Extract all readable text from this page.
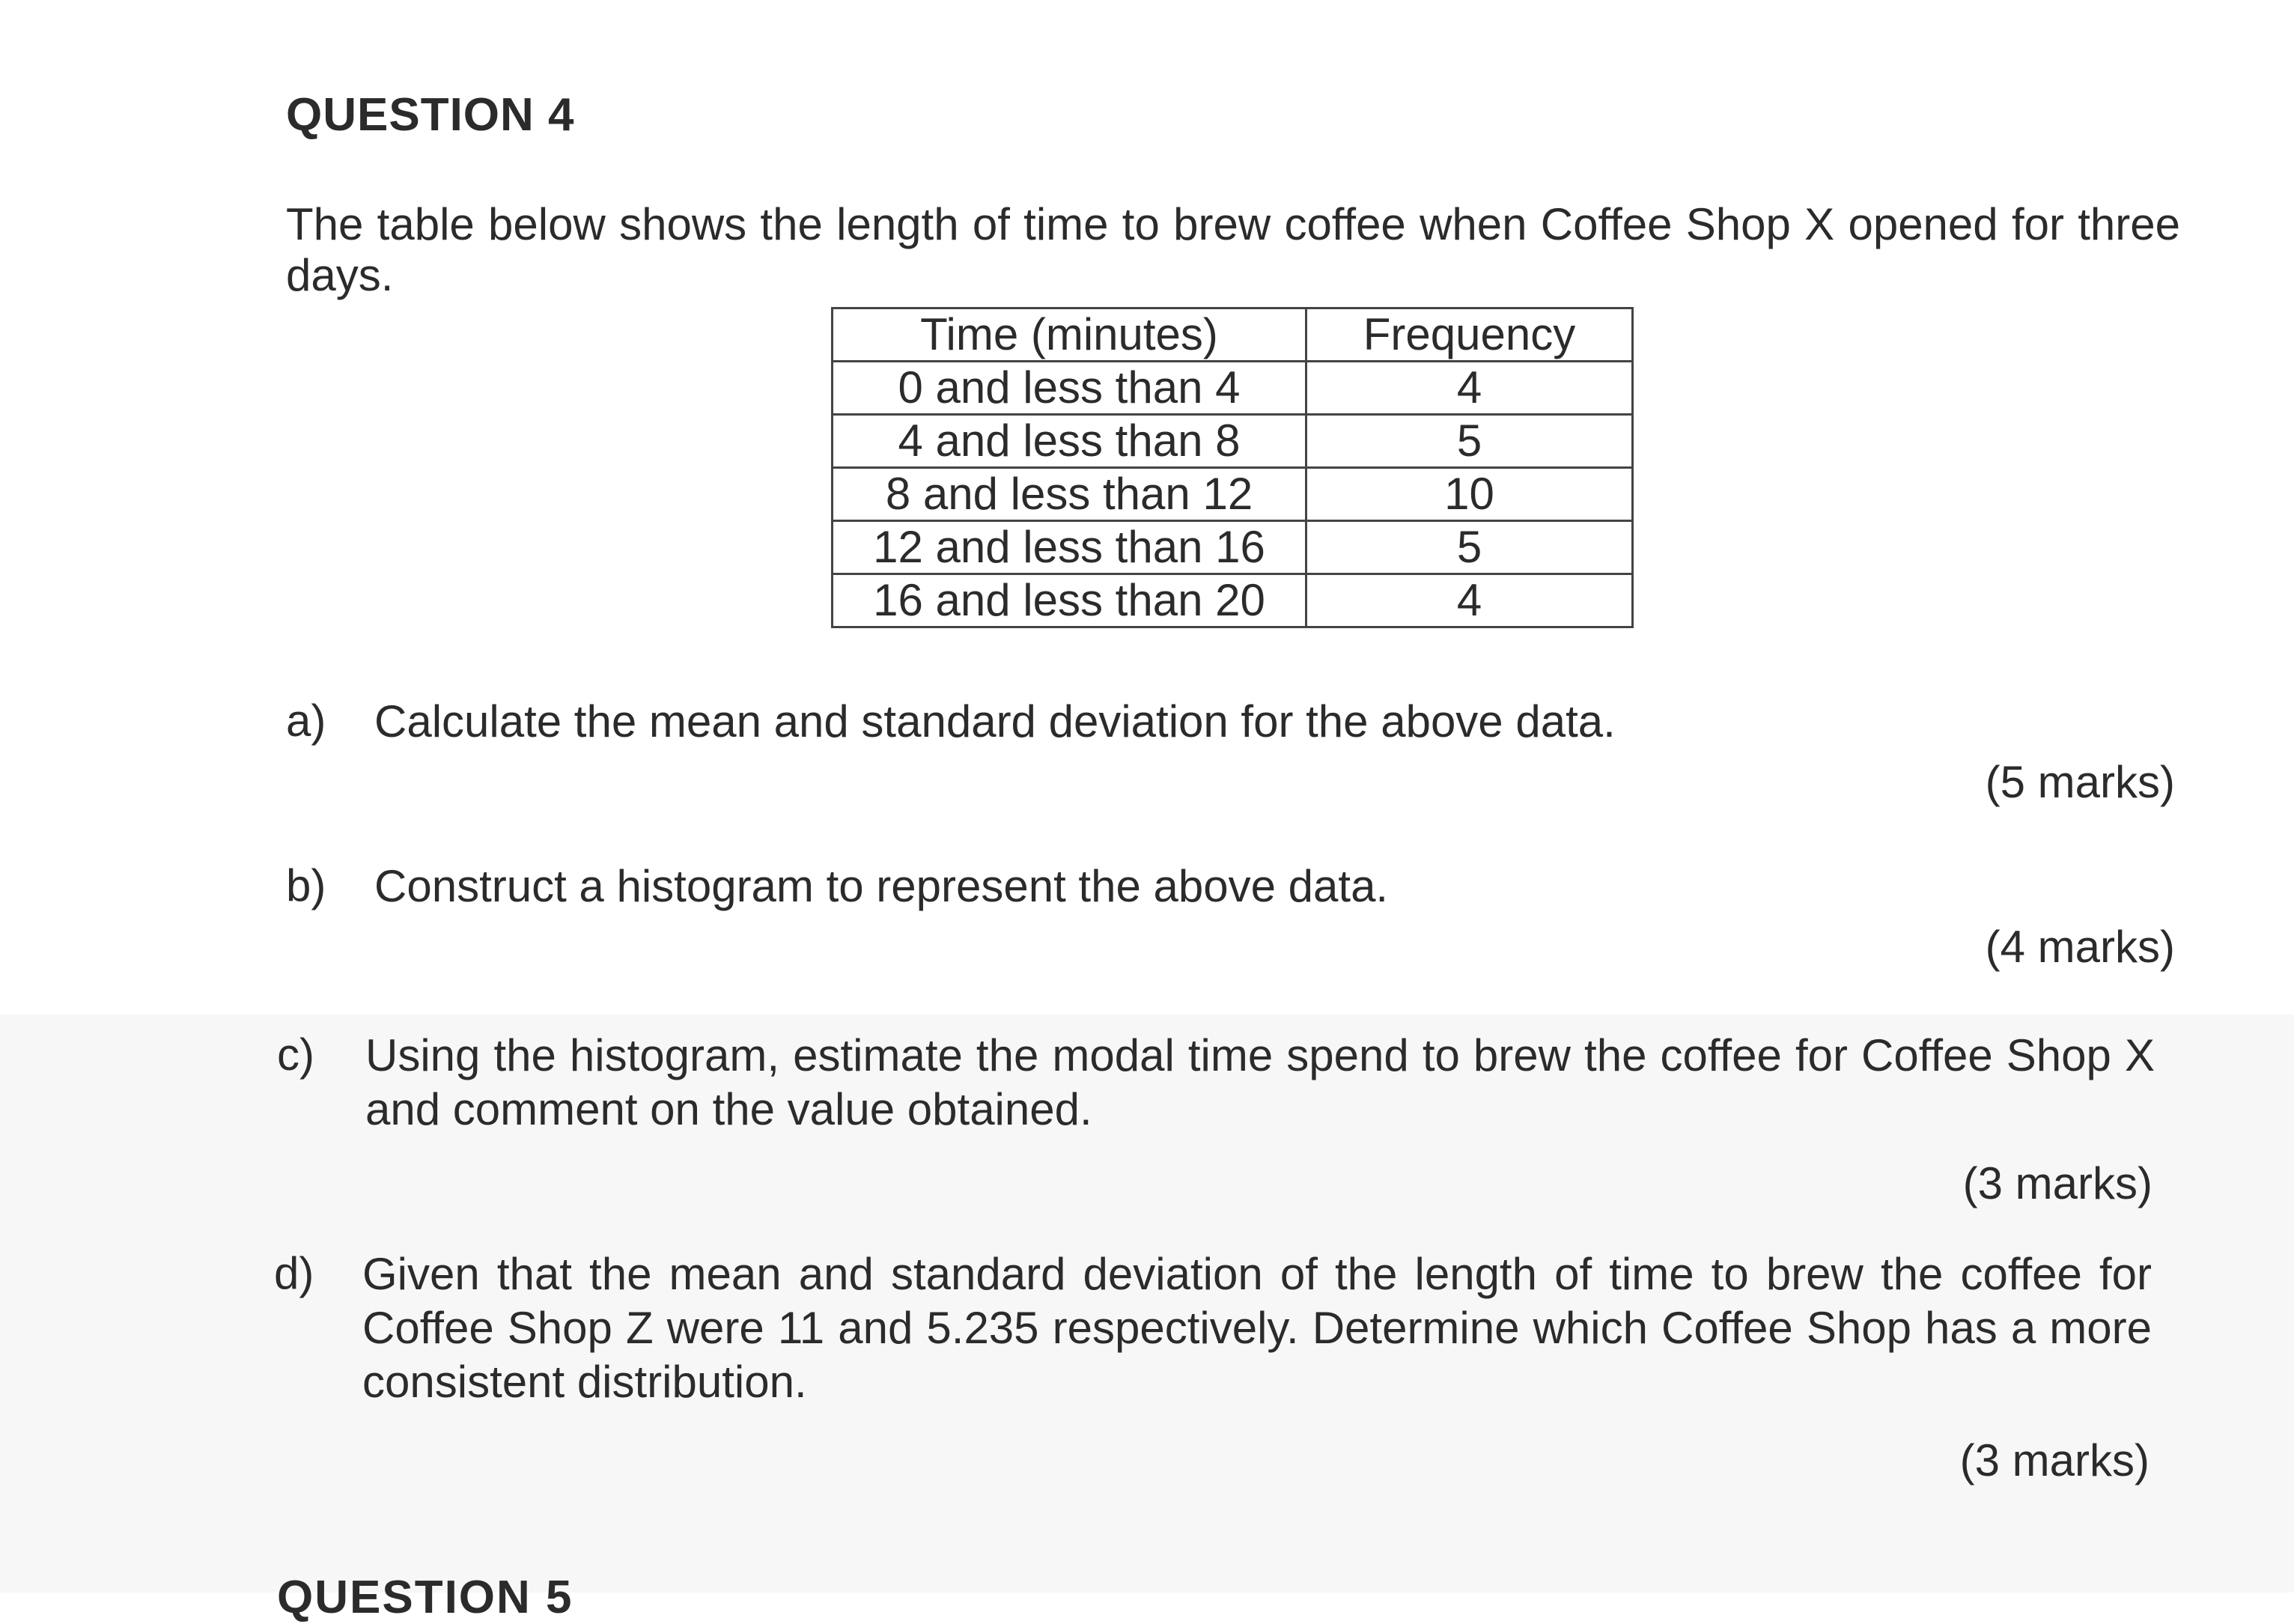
QUESTION 4
The table below shows the length of time to brew coffee when Coffee Shop X opened for three days.
Time (minutes)	Frequency
0 and less than 4	4
4 and less than 8	5
8 and less than 12	10
12 and less than 16	5
16 and less than 20	4
a) Calculate the mean and standard deviation for the above data.
(5 marks)
b) Construct a histogram to represent the above data.
(4 marks)
c) Using the histogram, estimate the modal time spend to brew the coffee for Coffee Shop X and comment on the value obtained.
(3 marks)
d) Given that the mean and standard deviation of the length of time to brew the coffee for Coffee Shop Z were 11 and 5.235 respectively. Determine which Coffee Shop has a more consistent distribution.
(3 marks)
QUESTION 5
